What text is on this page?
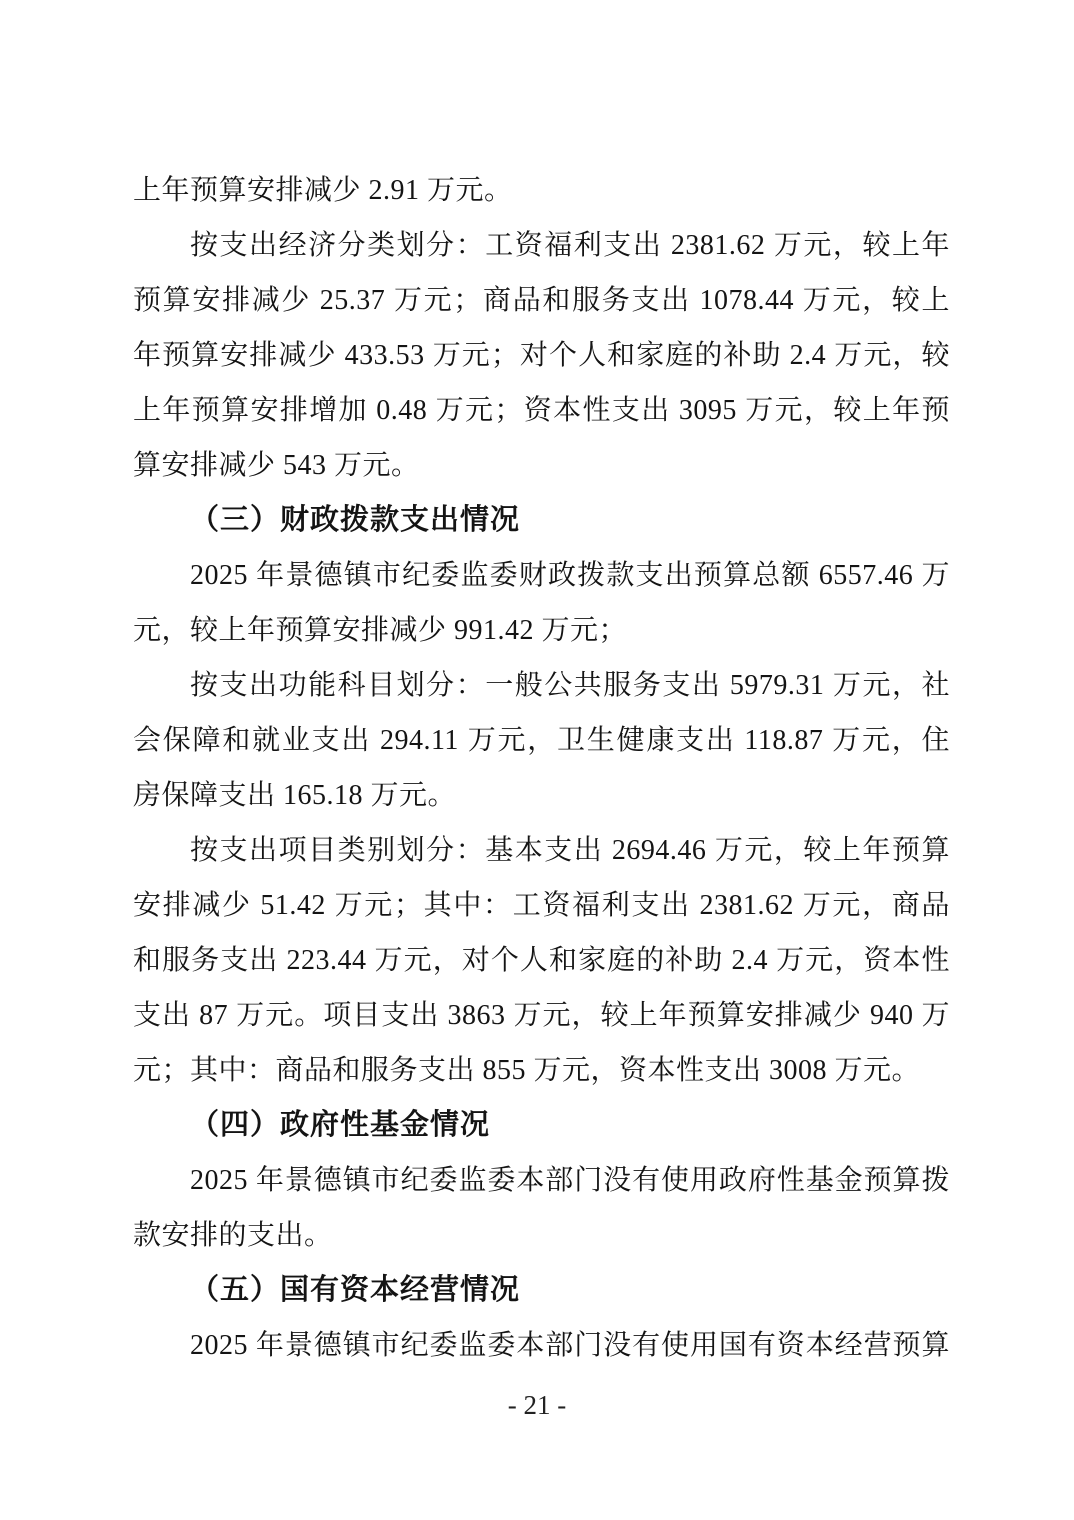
上年预算安排减少 2.91 万元。
按支出经济分类划分：工资福利支出 2381.62 万元，较上年
预算安排减少 25.37 万元；商品和服务支出 1078.44 万元，较上
年预算安排减少 433.53 万元；对个人和家庭的补助 2.4 万元，较
上年预算安排增加 0.48 万元；资本性支出 3095 万元，较上年预
算安排减少 543 万元。
（三）财政拨款支出情况
2025 年景德镇市纪委监委财政拨款支出预算总额 6557.46 万
元，较上年预算安排减少 991.42 万元；
按支出功能科目划分：一般公共服务支出 5979.31 万元，社
会保障和就业支出 294.11 万元，卫生健康支出 118.87 万元，住
房保障支出 165.18 万元。
按支出项目类别划分：基本支出 2694.46 万元，较上年预算
安排减少 51.42 万元；其中：工资福利支出 2381.62 万元，商品
和服务支出 223.44 万元，对个人和家庭的补助 2.4 万元，资本性
支出 87 万元。项目支出 3863 万元，较上年预算安排减少 940 万
元；其中：商品和服务支出 855 万元，资本性支出 3008 万元。
（四）政府性基金情况
2025 年景德镇市纪委监委本部门没有使用政府性基金预算拨
款安排的支出。
（五）国有资本经营情况
2025 年景德镇市纪委监委本部门没有使用国有资本经营预算
- 21 -
